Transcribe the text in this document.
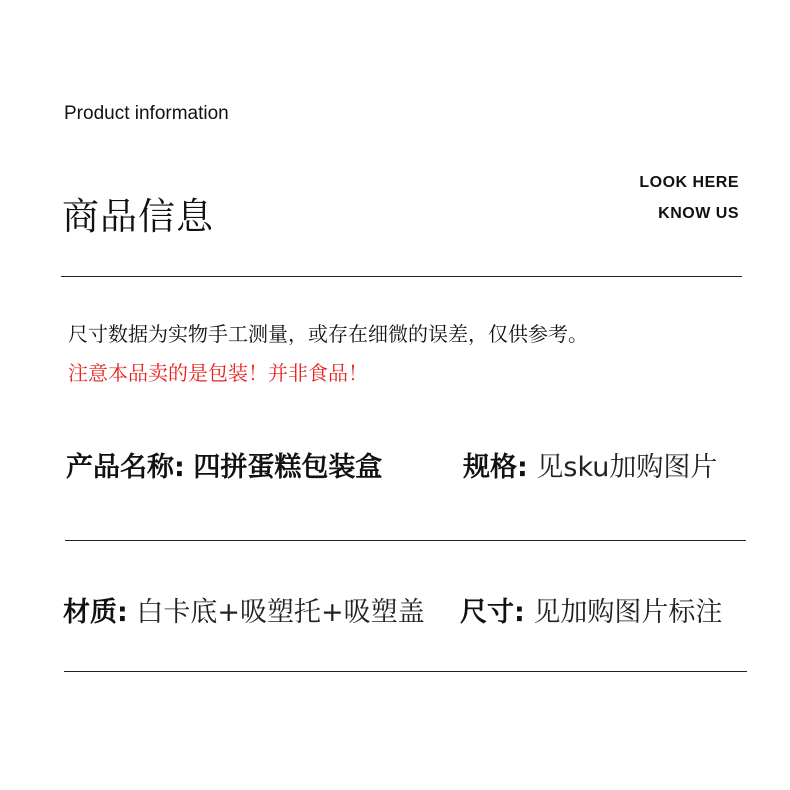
Product information
商品信息
LOOK HERE
KNOW US
尺寸数据为实物手工测量，或存在细微的误差，仅供参考。
注意本品卖的是包装！并非食品！
产品名称: 四拼蛋糕包装盒	规格: 见sku加购图片
材质: 白卡底+吸塑托+吸塑盖 尺寸: 见加购图片标注
